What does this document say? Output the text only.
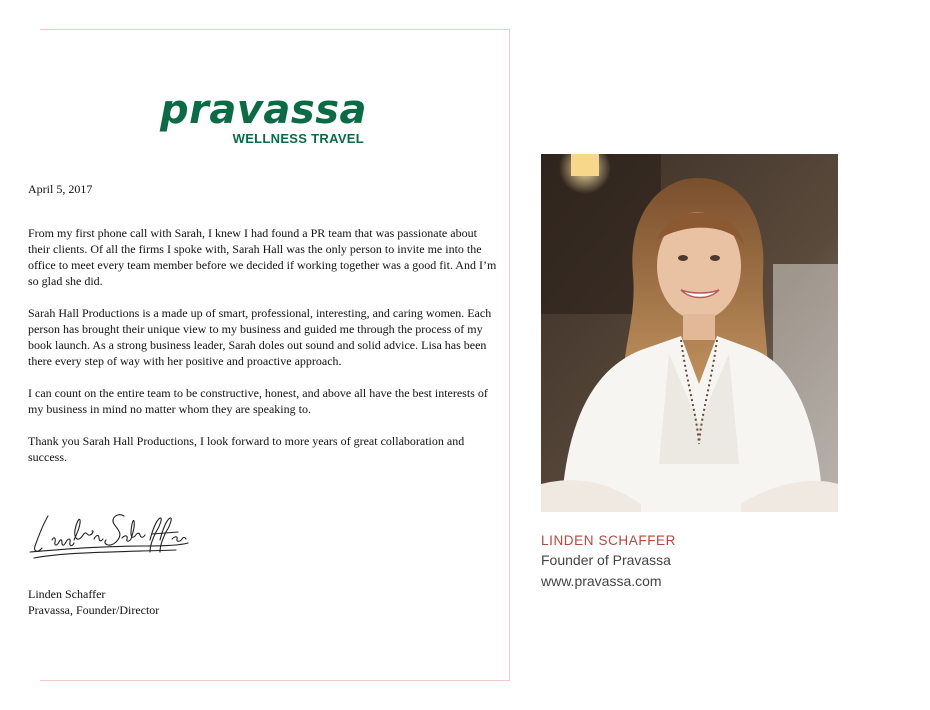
pravassa
WELLNESS TRAVEL

April 5, 2017

From my first phone call with Sarah, I knew I had found a PR team that was passionate about their clients. Of all the firms I spoke with, Sarah Hall was the only person to invite me into the office to meet every team member before we decided if working together was a good fit. And I’m so glad she did.

Sarah Hall Productions is a made up of smart, professional, interesting, and caring women. Each person has brought their unique view to my business and guided me through the process of my book launch. As a strong business leader, Sarah doles out sound and solid advice. Lisa has been there every step of way with her positive and proactive approach.

I can count on the entire team to be constructive, honest, and above all have the best interests of my business in mind no matter whom they are speaking to.

Thank you Sarah Hall Productions, I look forward to more years of great collaboration and success.

Linden Schaffer
Pravassa, Founder/Director
LINDEN SCHAFFER
Founder of Pravassa
www.pravassa.com
